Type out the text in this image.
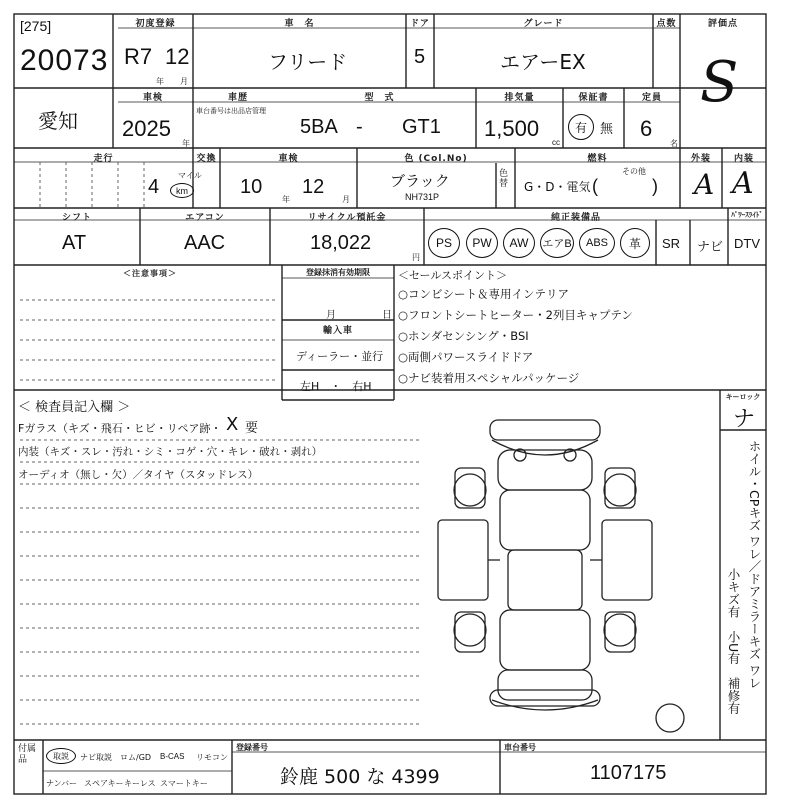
[275]
20073
初度登録
R7 12
年 月
車　名
フリード
ドア
5
グレード
エアーEX
点数	評価点
S
愛知
車検
2025
年
車歴
車台番号は出品店管理
型　式
5BA - GT1
排気量
1,500
cc
保証書
有	無
定員
6
名
走行
4
マイル
km
交換	車検
10
年
12
月
色 (Col.No)
ブラック
NH731P
色替
燃料
G・D・電気 (　　　)
その他
外装
A
内装
A
シフト
AT
エアコン
AAC
リサイクル預託金
18,022
円
純正装備品	ﾊﾟﾜｰｽﾗｲﾄﾞ
PS	PW	AW	エアB	ABS	革	SR ナビ DTV
＜注意事項＞	登録抹消有効期限
月	日
輸入車
ディーラー・並行
左H　・　右H
＜セールスポイント＞
○コンビシート＆専用インテリア
○フロントシートヒーター・2列目キャプテン
○ホンダセンシング・BSI
○両側パワースライドドア
○ナビ装着用スペシャルパッケージ
＜ 検査員記入欄 ＞
Fガラス（キズ・飛石・ヒビ・リペア跡・ X 要
内装（キズ・スレ・汚れ・シミ・コゲ・穴・キレ・破れ・剥れ）
オーディオ（無し・欠）／タイヤ（スタッドレス）
キーロック
ナ
ホイル・CPキズ ワレ／ドアミラーキズ ワレ
小キズ有　小U有　補修有
付属品	取説	ナビ取説 ロム/GD B-CAS リモコン
ナンバー スペアキー キーレス スマートキー
登録番号
鈴鹿 500 な 4399
車台番号
1107175
